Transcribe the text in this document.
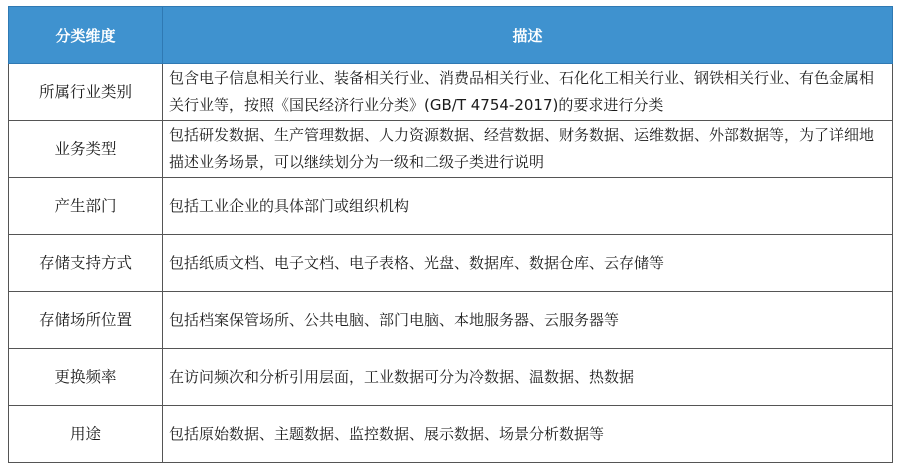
分类维度	描述
所属行业类别	包含电子信息相关行业、装备相关行业、消费品相关行业、石化化工相关行业、钢铁相关行业、有色金属相关行业等，按照《国民经济行业分类》(GB/T 4754-2017)的要求进行分类
业务类型	包括研发数据、生产管理数据、人力资源数据、经营数据、财务数据、运维数据、外部数据等，为了详细地描述业务场景，可以继续划分为一级和二级子类进行说明
产生部门	包括工业企业的具体部门或组织机构
存储支持方式	包括纸质文档、电子文档、电子表格、光盘、数据库、数据仓库、云存储等
存储场所位置	包括档案保管场所、公共电脑、部门电脑、本地服务器、云服务器等
更换频率	在访问频次和分析引用层面，工业数据可分为冷数据、温数据、热数据
用途	包括原始数据、主题数据、监控数据、展示数据、场景分析数据等
